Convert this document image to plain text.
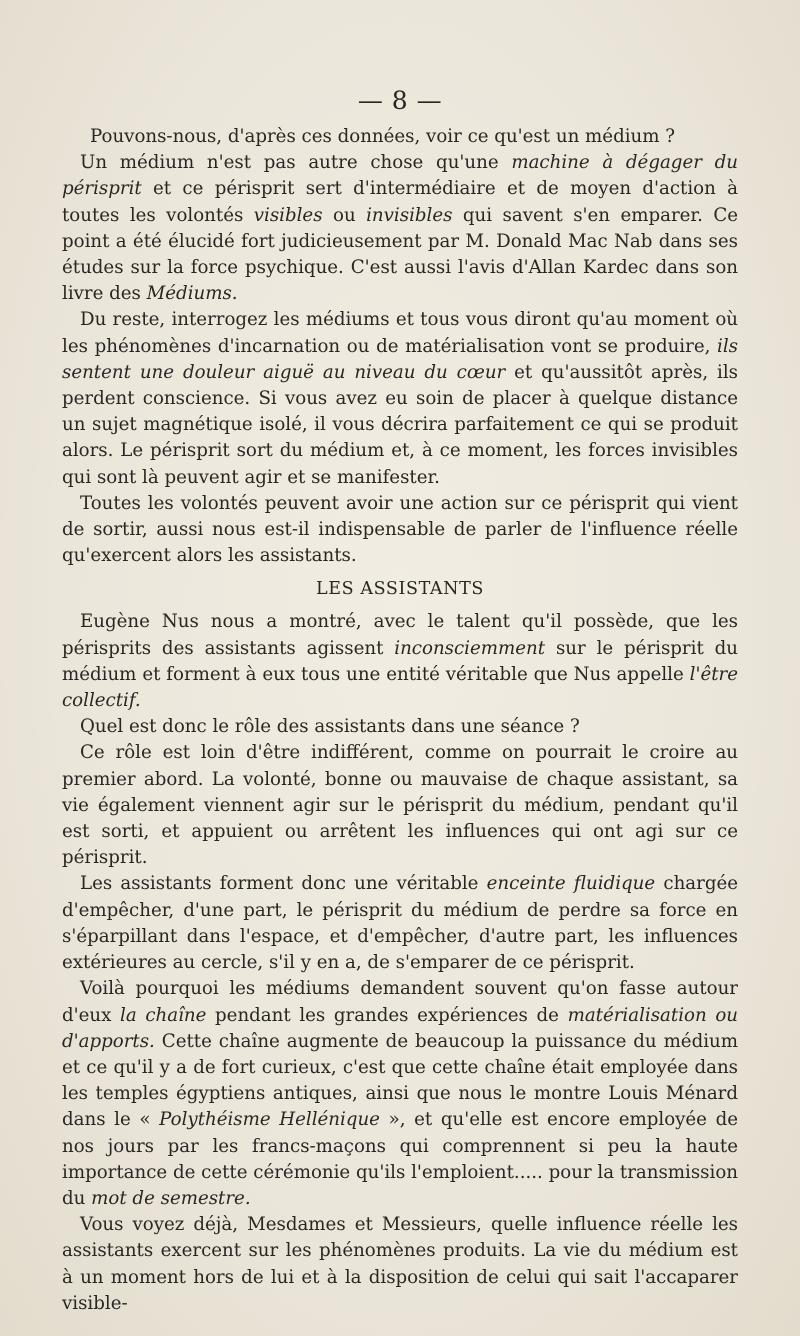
— 8 —

Pouvons-nous, d'après ces données, voir ce qu'est un médium ?

Un médium n'est pas autre chose qu'une machine à dégager du périsprit et ce périsprit sert d'intermédiaire et de moyen d'action à toutes les volontés visibles ou invisibles qui savent s'en emparer. Ce point a été élucidé fort judicieusement par M. Donald Mac Nab dans ses études sur la force psychique. C'est aussi l'avis d'Allan Kardec dans son livre des Médiums.

Du reste, interrogez les médiums et tous vous diront qu'au moment où les phénomènes d'incarnation ou de matérialisation vont se produire, ils sentent une douleur aiguë au niveau du cœur et qu'aussitôt après, ils perdent conscience. Si vous avez eu soin de placer à quelque distance un sujet magnétique isolé, il vous décrira parfaitement ce qui se produit alors. Le périsprit sort du médium et, à ce moment, les forces invisibles qui sont là peuvent agir et se manifester.

Toutes les volontés peuvent avoir une action sur ce périsprit qui vient de sortir, aussi nous est-il indispensable de parler de l'influence réelle qu'exercent alors les assistants.

LES ASSISTANTS

Eugène Nus nous a montré, avec le talent qu'il possède, que les périsprits des assistants agissent inconsciemment sur le périsprit du médium et forment à eux tous une entité véritable que Nus appelle l'être collectif.

Quel est donc le rôle des assistants dans une séance ?

Ce rôle est loin d'être indifférent, comme on pourrait le croire au premier abord. La volonté, bonne ou mauvaise de chaque assistant, sa vie également viennent agir sur le périsprit du médium, pendant qu'il est sorti, et appuient ou arrêtent les influences qui ont agi sur ce périsprit.

Les assistants forment donc une véritable enceinte fluidique chargée d'empêcher, d'une part, le périsprit du médium de perdre sa force en s'éparpillant dans l'espace, et d'empêcher, d'autre part, les influences extérieures au cercle, s'il y en a, de s'emparer de ce périsprit.

Voilà pourquoi les médiums demandent souvent qu'on fasse autour d'eux la chaîne pendant les grandes expériences de matérialisation ou d'apports. Cette chaîne augmente de beaucoup la puissance du médium et ce qu'il y a de fort curieux, c'est que cette chaîne était employée dans les temples égyptiens antiques, ainsi que nous le montre Louis Ménard dans le « Polythéisme Hellénique », et qu'elle est encore employée de nos jours par les francs-maçons qui comprennent si peu la haute importance de cette cérémonie qu'ils l'emploient..... pour la transmission du mot de semestre.

Vous voyez déjà, Mesdames et Messieurs, quelle influence réelle les assistants exercent sur les phénomènes produits. La vie du médium est à un moment hors de lui et à la disposition de celui qui sait l'accaparer visible-
